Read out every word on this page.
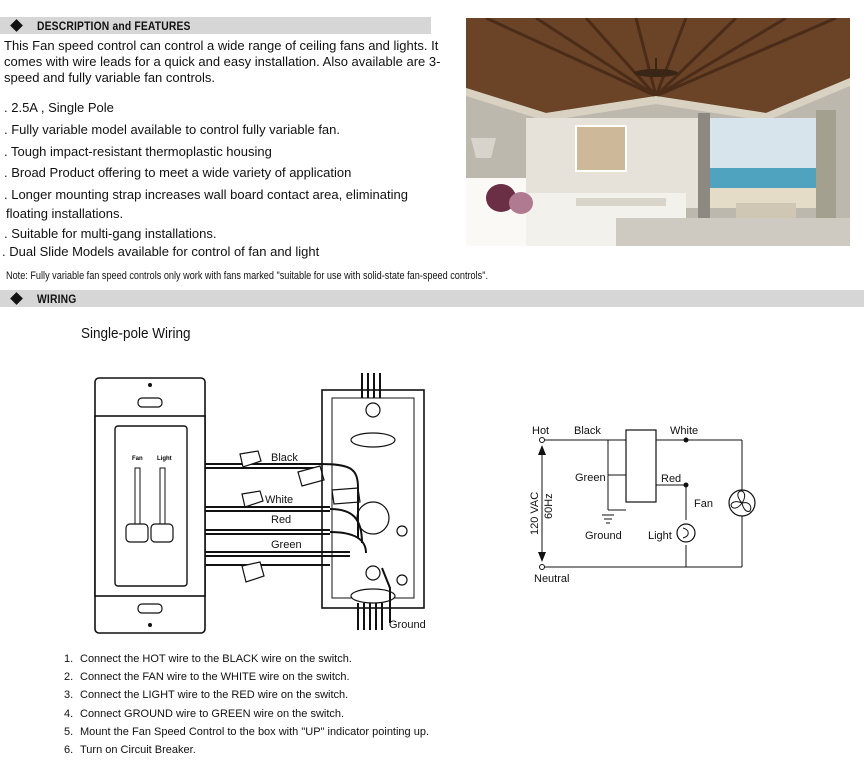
DESCRIPTION and FEATURES

This Fan speed control can control a wide range of ceiling fans and lights. It comes with wire leads for a quick and easy installation. Also available are 3-speed and fully variable fan controls.

. 2.5A , Single Pole
. Fully variable model available to control fully variable fan.
. Tough impact-resistant thermoplastic housing
. Broad Product offering to meet a wide variety of application
. Longer mounting strap increases wall board contact area, eliminating
floating installations.
. Suitable for multi-gang installations.
. Dual Slide Models available for control of fan and light
Note: Fully variable fan speed controls only work with fans marked "suitable for use with solid-state fan-speed controls".
WIRING
Single-pole Wiring
Fan Light	Black
White
Red
Green
Ground
Hot Black	White
Green	Red
Fan
Light
Ground
Neutral
120 VAC 60Hz
1. Connect the HOT wire to the BLACK wire on the switch.
2. Connect the FAN wire to the WHITE wire on the switch.
3. Connect the LIGHT wire to the RED wire on the switch.
4. Connect GROUND wire to GREEN wire on the switch.
5. Mount the Fan Speed Control to the box with "UP" indicator pointing up.
6. Turn on Circuit Breaker.
